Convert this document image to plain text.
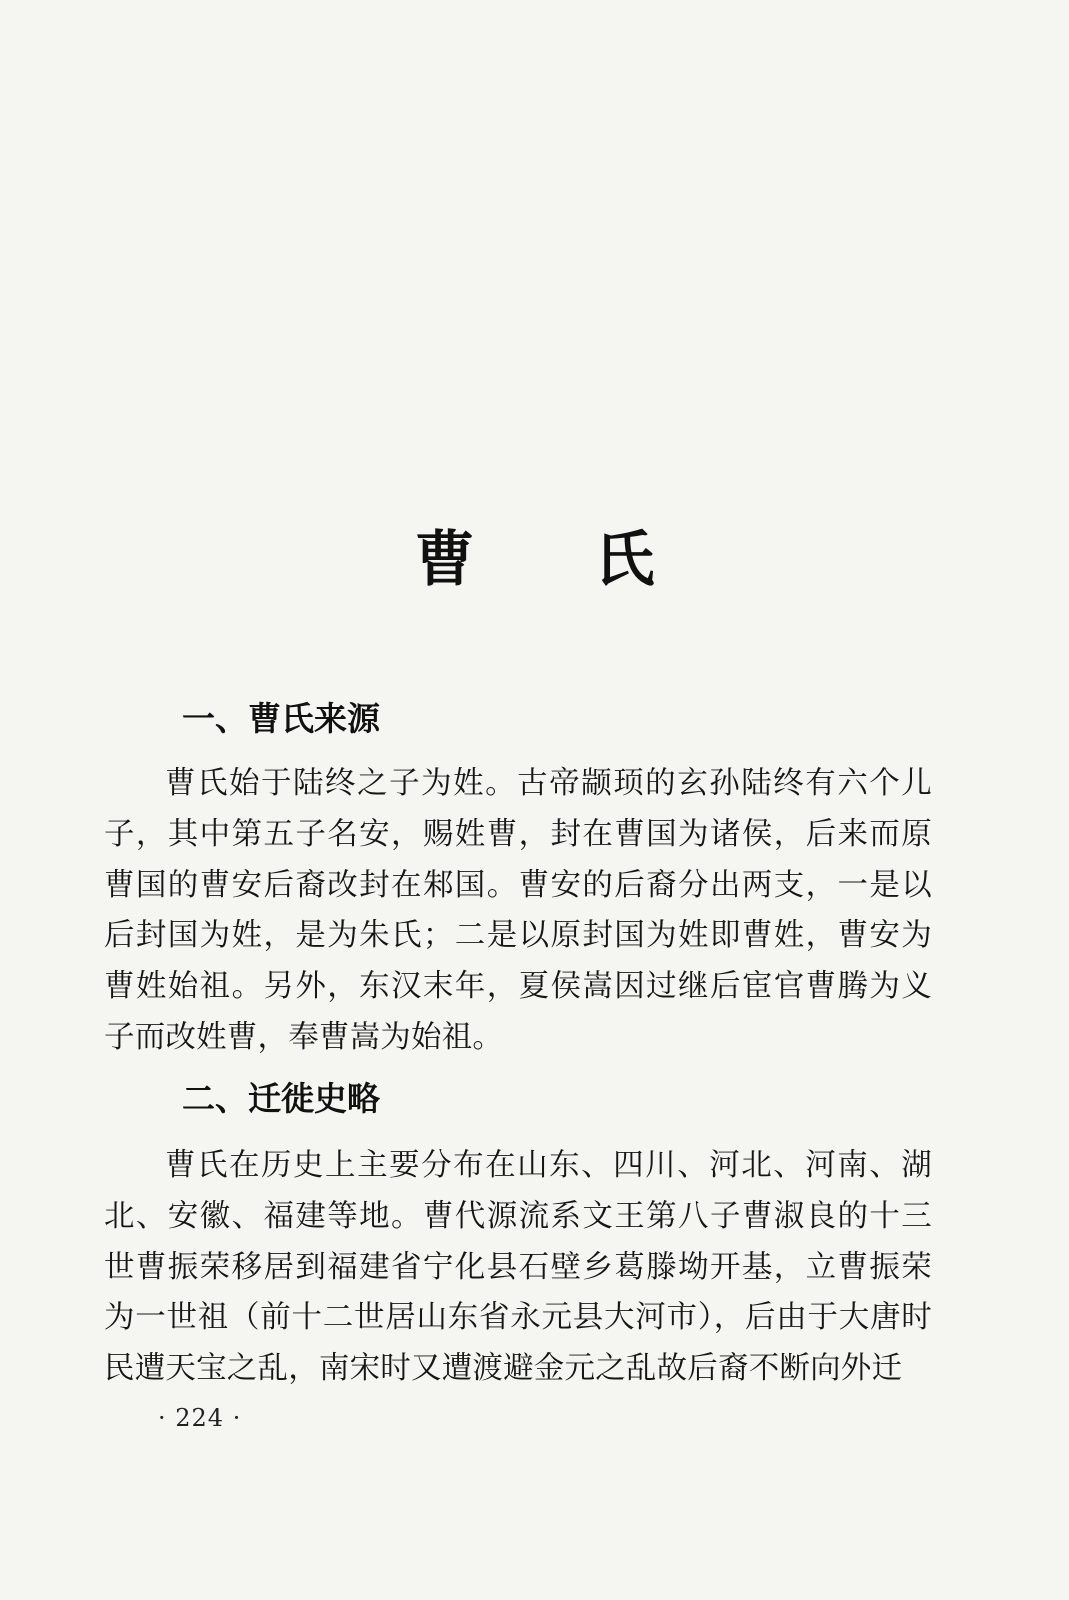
曹 氏
一、曹氏来源

曹氏始于陆终之子为姓。古帝颛顼的玄孙陆终有六个儿子，其中第五子名安，赐姓曹，封在曹国为诸侯，后来而原曹国的曹安后裔改封在邾国。曹安的后裔分出两支，一是以后封国为姓，是为朱氏；二是以原封国为姓即曹姓，曹安为曹姓始祖。另外，东汉末年，夏侯嵩因过继后宦官曹腾为义子而改姓曹，奉曹嵩为始祖。

二、迁徙史略

曹氏在历史上主要分布在山东、四川、河北、河南、湖北、安徽、福建等地。曹代源流系文王第八子曹淑良的十三世曹振荣移居到福建省宁化县石壁乡葛滕坳开基，立曹振荣为一世祖（前十二世居山东省永元县大河市），后由于大唐时民遭天宝之乱，南宋时又遭渡避金元之乱故后裔不断向外迁

· 224 ·
